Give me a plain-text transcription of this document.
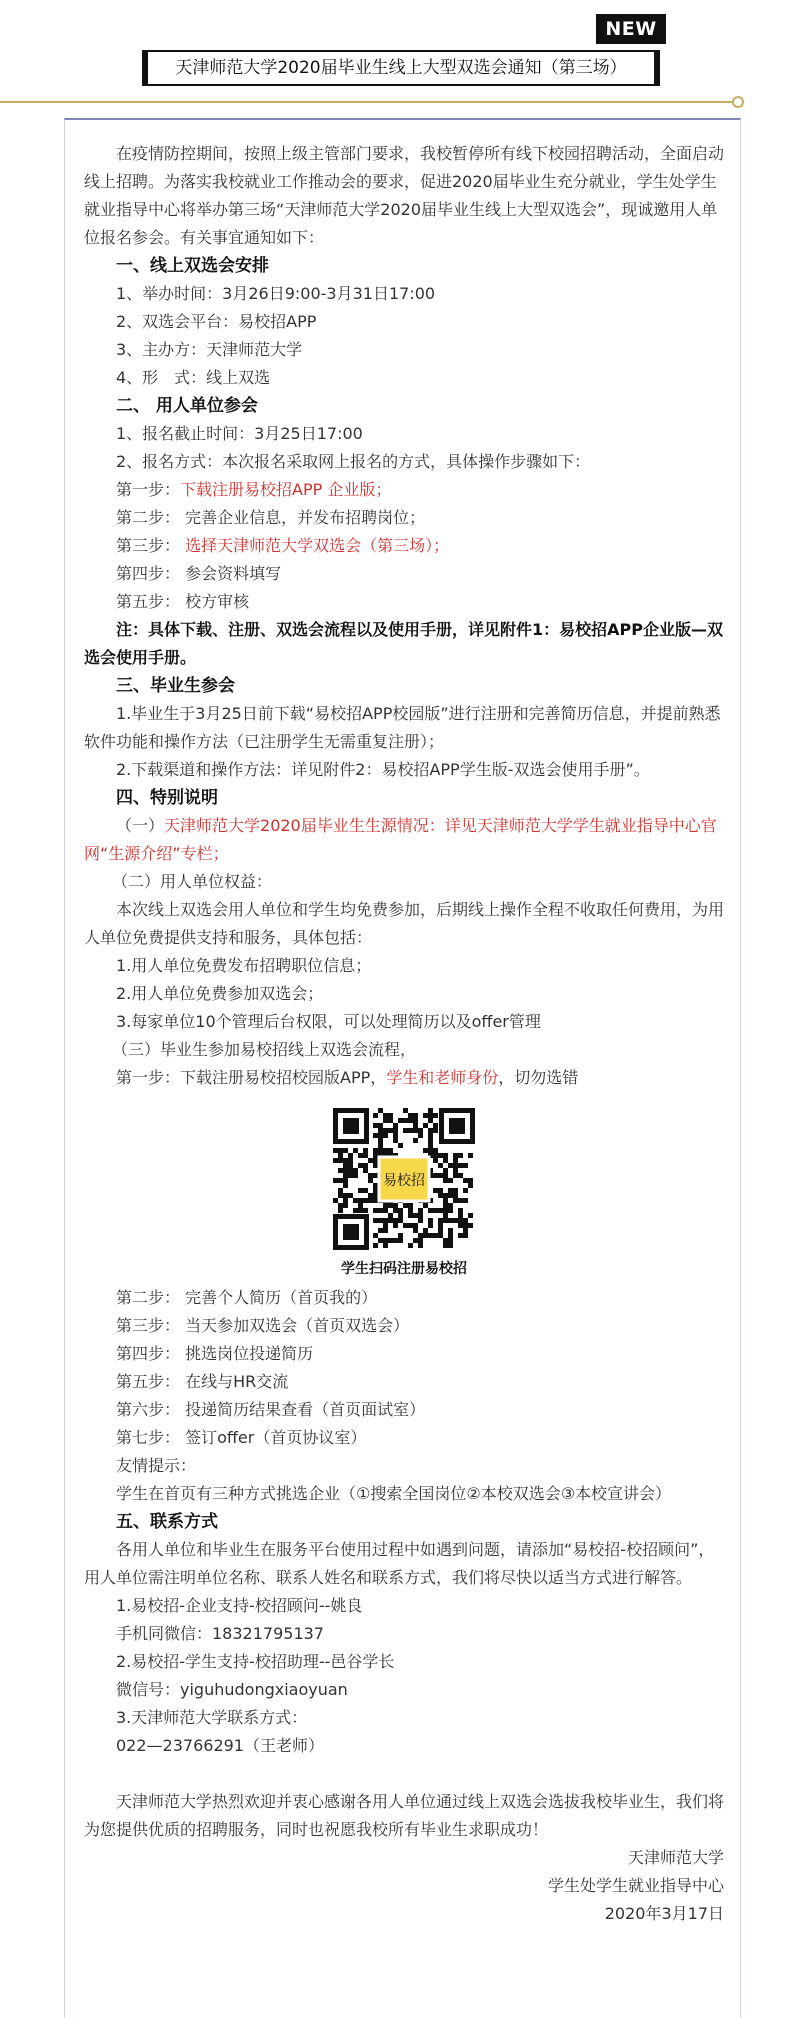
NEW
天津师范大学2020届毕业生线上大型双选会通知（第三场）

在疫情防控期间，按照上级主管部门要求，我校暂停所有线下校园招聘活动，全面启动线上招聘。为落实我校就业工作推动会的要求，促进2020届毕业生充分就业，学生处学生就业指导中心将举办第三场“天津师范大学2020届毕业生线上大型双选会”，现诚邀用人单位报名参会。有关事宜通知如下：

一、线上双选会安排

1、举办时间：3月26日9:00-3月31日17:00

2、双选会平台：易校招APP

3、主办方：天津师范大学

4、形　式：线上双选

二、 用人单位参会

1、报名截止时间：3月25日17:00

2、报名方式：本次报名采取网上报名的方式，具体操作步骤如下：

第一步：下载注册易校招APP 企业版；

第二步： 完善企业信息，并发布招聘岗位；

第三步： 选择天津师范大学双选会（第三场）；

第四步： 参会资料填写

第五步： 校方审核

注：具体下载、注册、双选会流程以及使用手册，详见附件1：易校招APP企业版—双选会使用手册。

三、毕业生参会

1.毕业生于3月25日前下载“易校招APP校园版”进行注册和完善简历信息，并提前熟悉软件功能和操作方法（已注册学生无需重复注册）；

2.下载渠道和操作方法：详见附件2：易校招APP学生版-双选会使用手册”。

四、特别说明

（一）天津师范大学2020届毕业生生源情况：详见天津师范大学学生就业指导中心官网“生源介绍”专栏；

（二）用人单位权益：

本次线上双选会用人单位和学生均免费参加，后期线上操作全程不收取任何费用，为用人单位免费提供支持和服务，具体包括：

1.用人单位免费发布招聘职位信息；

2.用人单位免费参加双选会；

3.每家单位10个管理后台权限，可以处理简历以及offer管理

（三）毕业生参加易校招线上双选会流程，

第一步：下载注册易校招校园版APP，学生和老师身份，切勿选错

易校招
学生扫码注册易校招

第二步： 完善个人简历（首页我的）

第三步： 当天参加双选会（首页双选会）

第四步： 挑选岗位投递简历

第五步： 在线与HR交流

第六步： 投递简历结果查看（首页面试室）

第七步： 签订offer（首页协议室）

友情提示：

学生在首页有三种方式挑选企业（①搜索全国岗位②本校双选会③本校宣讲会）

五、联系方式

各用人单位和毕业生在服务平台使用过程中如遇到问题，请添加“易校招-校招顾问”，用人单位需注明单位名称、联系人姓名和联系方式，我们将尽快以适当方式进行解答。

1.易校招-企业支持-校招顾问--姚良

手机同微信：18321795137

2.易校招-学生支持-校招助理--邑谷学长

微信号：yiguhudongxiaoyuan

3.天津师范大学联系方式：

022—23766291（王老师）

天津师范大学热烈欢迎并衷心感谢各用人单位通过线上双选会选拔我校毕业生，我们将为您提供优质的招聘服务，同时也祝愿我校所有毕业生求职成功！

天津师范大学

学生处学生就业指导中心

2020年3月17日
